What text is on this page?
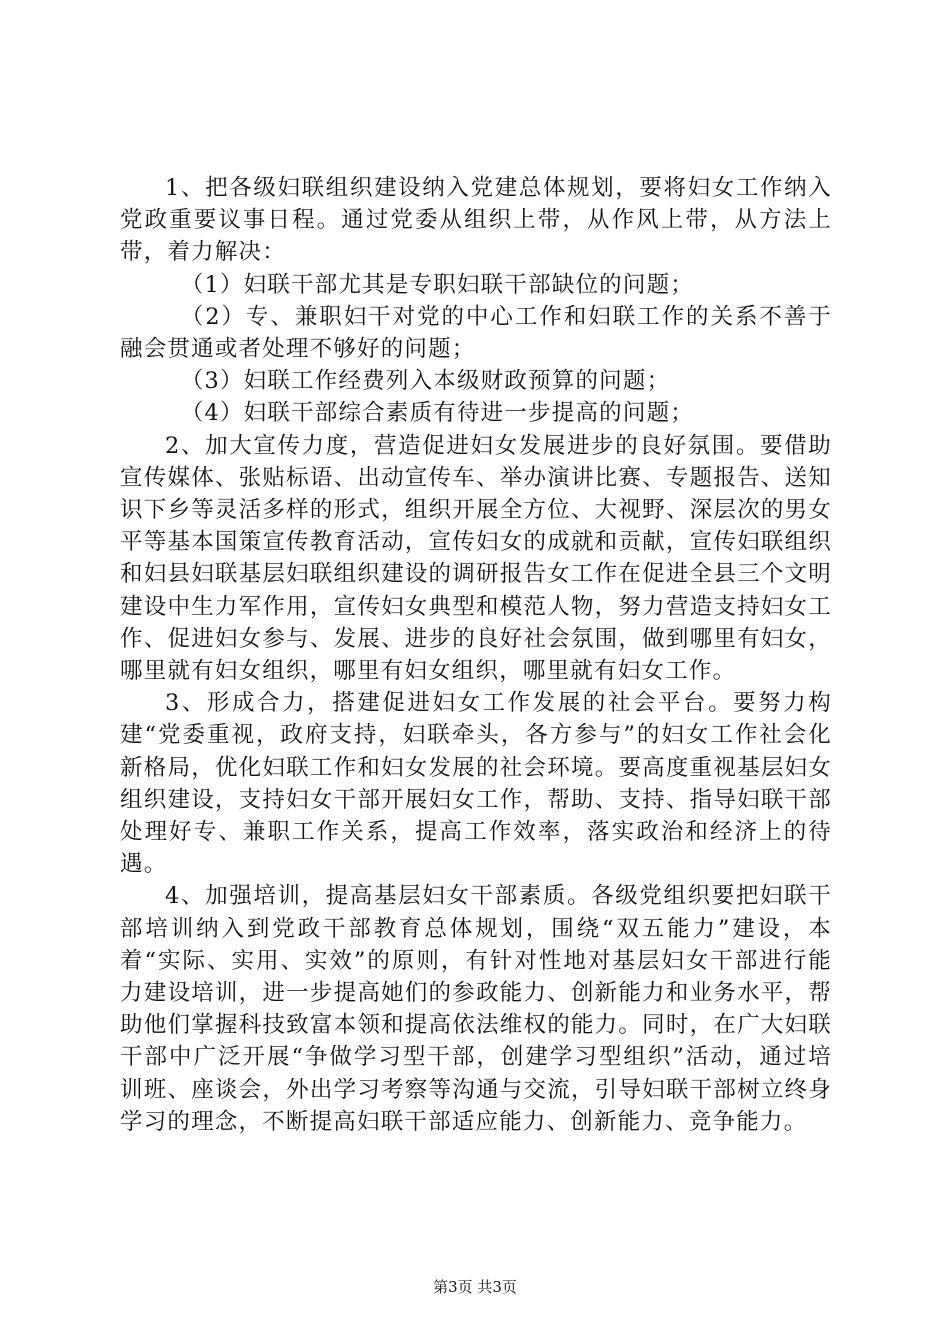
1、把各级妇联组织建设纳入党建总体规划，要将妇女工作纳入党政重要议事日程。通过党委从组织上带，从作风上带，从方法上带，着力解决：

（1）妇联干部尤其是专职妇联干部缺位的问题；

（2）专、兼职妇干对党的中心工作和妇联工作的关系不善于融会贯通或者处理不够好的问题；

（3）妇联工作经费列入本级财政预算的问题；

（4）妇联干部综合素质有待进一步提高的问题；

2、加大宣传力度，营造促进妇女发展进步的良好氛围。要借助宣传媒体、张贴标语、出动宣传车、举办演讲比赛、专题报告、送知识下乡等灵活多样的形式，组织开展全方位、大视野、深层次的男女平等基本国策宣传教育活动，宣传妇女的成就和贡献，宣传妇联组织和妇县妇联基层妇联组织建设的调研报告女工作在促进全县三个文明建设中生力军作用，宣传妇女典型和模范人物，努力营造支持妇女工作、促进妇女参与、发展、进步的良好社会氛围，做到哪里有妇女，哪里就有妇女组织，哪里有妇女组织，哪里就有妇女工作。

3、形成合力，搭建促进妇女工作发展的社会平台。要努力构建“党委重视，政府支持，妇联牵头，各方参与”的妇女工作社会化新格局，优化妇联工作和妇女发展的社会环境。要高度重视基层妇女组织建设，支持妇女干部开展妇女工作，帮助、支持、指导妇联干部处理好专、兼职工作关系，提高工作效率，落实政治和经济上的待遇。

4、加强培训，提高基层妇女干部素质。各级党组织要把妇联干部培训纳入到党政干部教育总体规划，围绕“双五能力”建设，本着“实际、实用、实效”的原则，有针对性地对基层妇女干部进行能力建设培训，进一步提高她们的参政能力、创新能力和业务水平，帮助他们掌握科技致富本领和提高依法维权的能力。同时，在广大妇联干部中广泛开展“争做学习型干部，创建学习型组织”活动，通过培训班、座谈会，外出学习考察等沟通与交流，引导妇联干部树立终身学习的理念，不断提高妇联干部适应能力、创新能力、竞争能力。

第3页 共3页
